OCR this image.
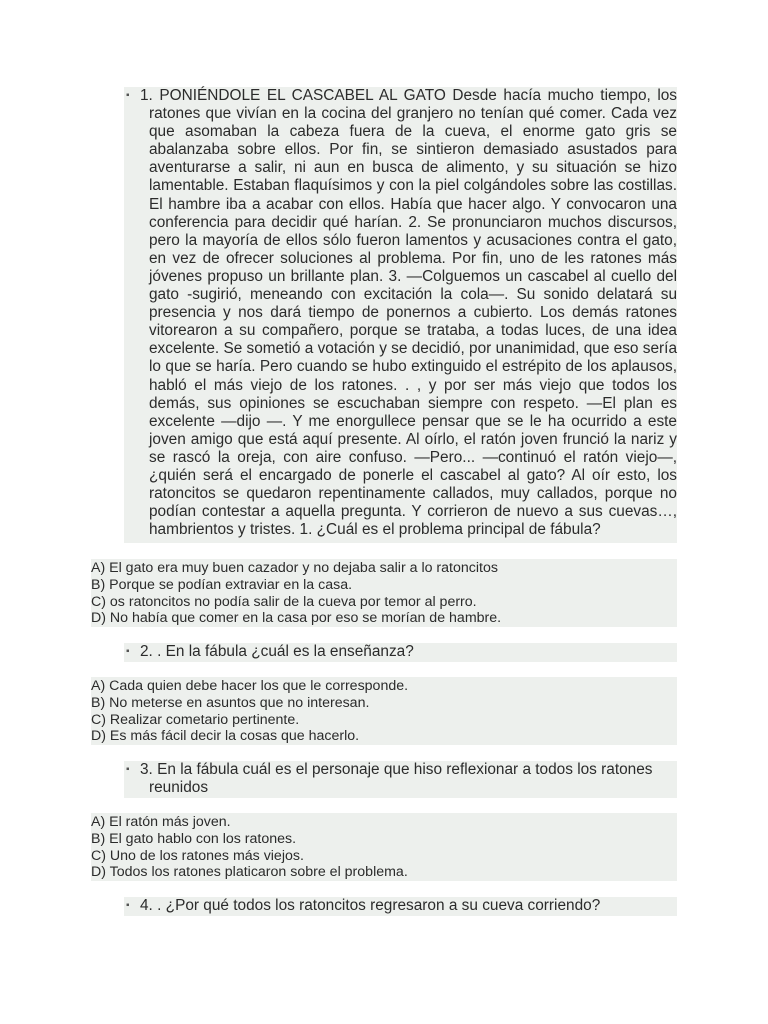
▪ 1. PONIÉNDOLE EL CASCABEL AL GATO Desde hacía mucho tiempo, los ratones que vivían en la cocina del granjero no tenían qué comer. Cada vez que asomaban la cabeza fuera de la cueva, el enorme gato gris se abalanzaba sobre ellos. Por fin, se sintieron demasiado asustados para aventurarse a salir, ni aun en busca de alimento, y su situación se hizo lamentable. Estaban flaquísimos y con la piel colgándoles sobre las costillas. El hambre iba a acabar con ellos. Había que hacer algo. Y convocaron una conferencia para decidir qué harían. 2. Se pronunciaron muchos discursos, pero la mayoría de ellos sólo fueron lamentos y acusaciones contra el gato, en vez de ofrecer soluciones al problema. Por fin, uno de les ratones más jóvenes propuso un brillante plan. 3. —Colguemos un cascabel al cuello del gato -sugirió, meneando con excitación la cola—. Su sonido delatará su presencia y nos dará tiempo de ponernos a cubierto. Los demás ratones vitorearon a su compañero, porque se trataba, a todas luces, de una idea excelente. Se sometió a votación y se decidió, por unanimidad, que eso sería lo que se haría. Pero cuando se hubo extinguido el estrépito de los aplausos, habló el más viejo de los ratones. . , y por ser más viejo que todos los demás, sus opiniones se escuchaban siempre con respeto. —El plan es excelente —dijo —. Y me enorgullece pensar que se le ha ocurrido a este joven amigo que está aquí presente. Al oírlo, el ratón joven frunció la nariz y se rascó la oreja, con aire confuso. —Pero... —continuó el ratón viejo—, ¿quién será el encargado de ponerle el cascabel al gato? Al oír esto, los ratoncitos se quedaron repentinamente callados, muy callados, porque no podían contestar a aquella pregunta. Y corrieron de nuevo a sus cuevas…, hambrientos y tristes. 1. ¿Cuál es el problema principal de fábula?
A) El gato era muy buen cazador y no dejaba salir a lo ratoncitos
B) Porque se podían extraviar en la casa.
C) os ratoncitos no podía salir de la cueva por temor al perro.
D) No había que comer en la casa por eso se morían de hambre.
▪ 2. . En la fábula ¿cuál es la enseñanza?
A) Cada quien debe hacer los que le corresponde.
B) No meterse en asuntos que no interesan.
C) Realizar cometario pertinente.
D) Es más fácil decir la cosas que hacerlo.
▪ 3. En la fábula cuál es el personaje que hiso reflexionar a todos los ratones reunidos
A) El ratón más joven.
B) El gato hablo con los ratones.
C) Uno de los ratones más viejos.
D) Todos los ratones platicaron sobre el problema.
▪ 4. . ¿Por qué todos los ratoncitos regresaron a su cueva corriendo?
